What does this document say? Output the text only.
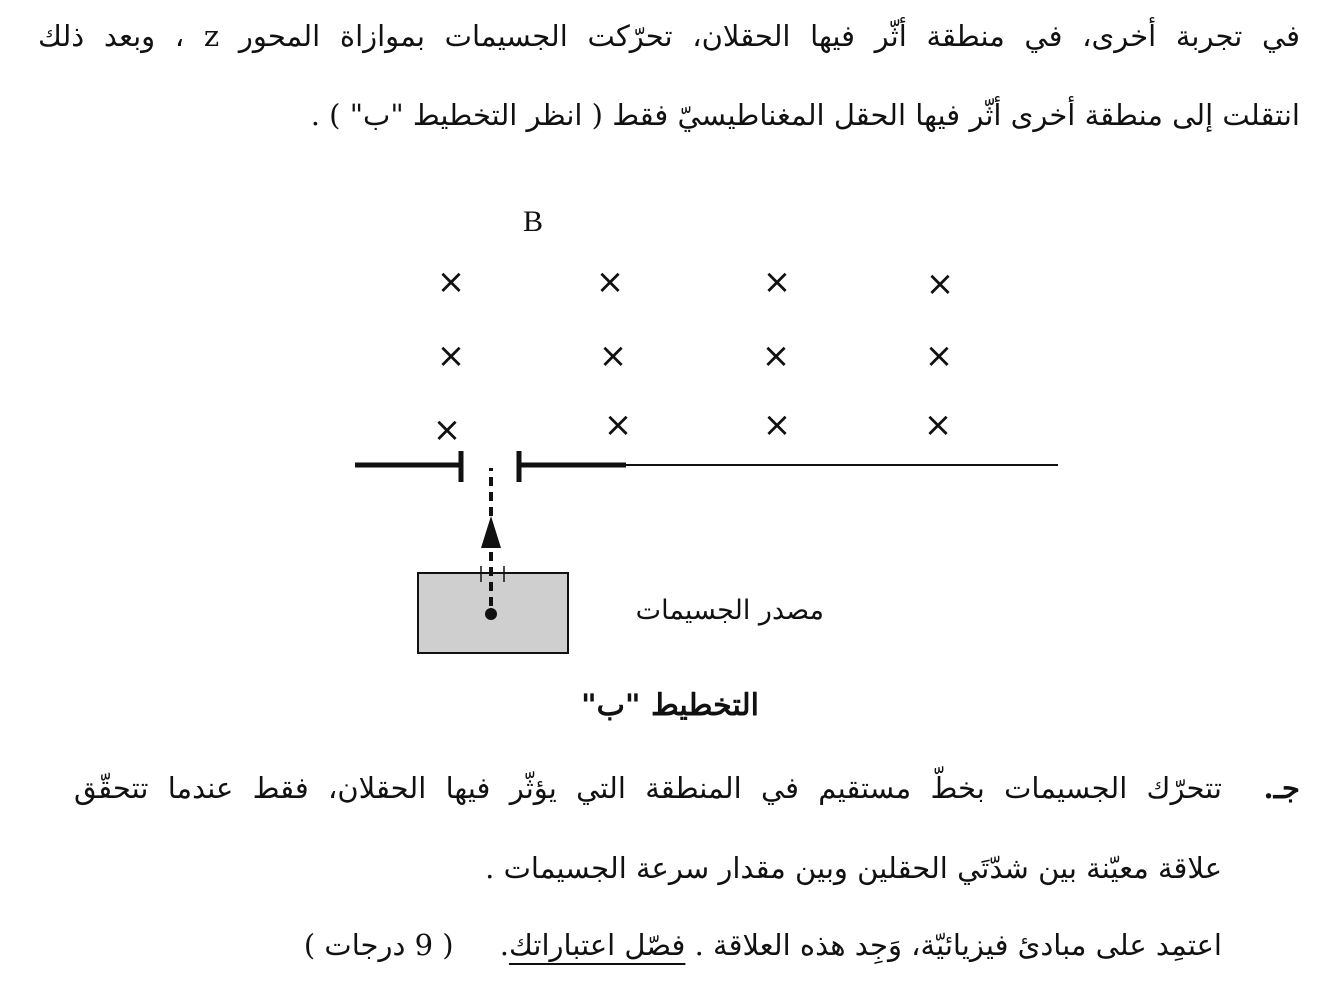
في تجربة أخرى، في منطقة أثّر فيها الحقلان، تحرّكت الجسيمات بموازاة المحور z ، وبعد ذلك
انتقلت إلى منطقة أخرى أثّر فيها الحقل المغناطيسيّ فقط ( انظر التخطيط "ب" ) .
B
×	×	×	×
×	×	×	×
×	×	×	×
مصدر الجسيمات
التخطيط "ب"
جـ.
تتحرّك الجسيمات بخطّ مستقيم في المنطقة التي يؤثّر فيها الحقلان، فقط عندما تتحقّق
علاقة معيّنة بين شدّتَي الحقلين وبين مقدار سرعة الجسيمات .
اعتمِد على مبادئ فيزيائيّة، وَجِد هذه العلاقة . فصّل اعتباراتك.     ( 9 درجات )
